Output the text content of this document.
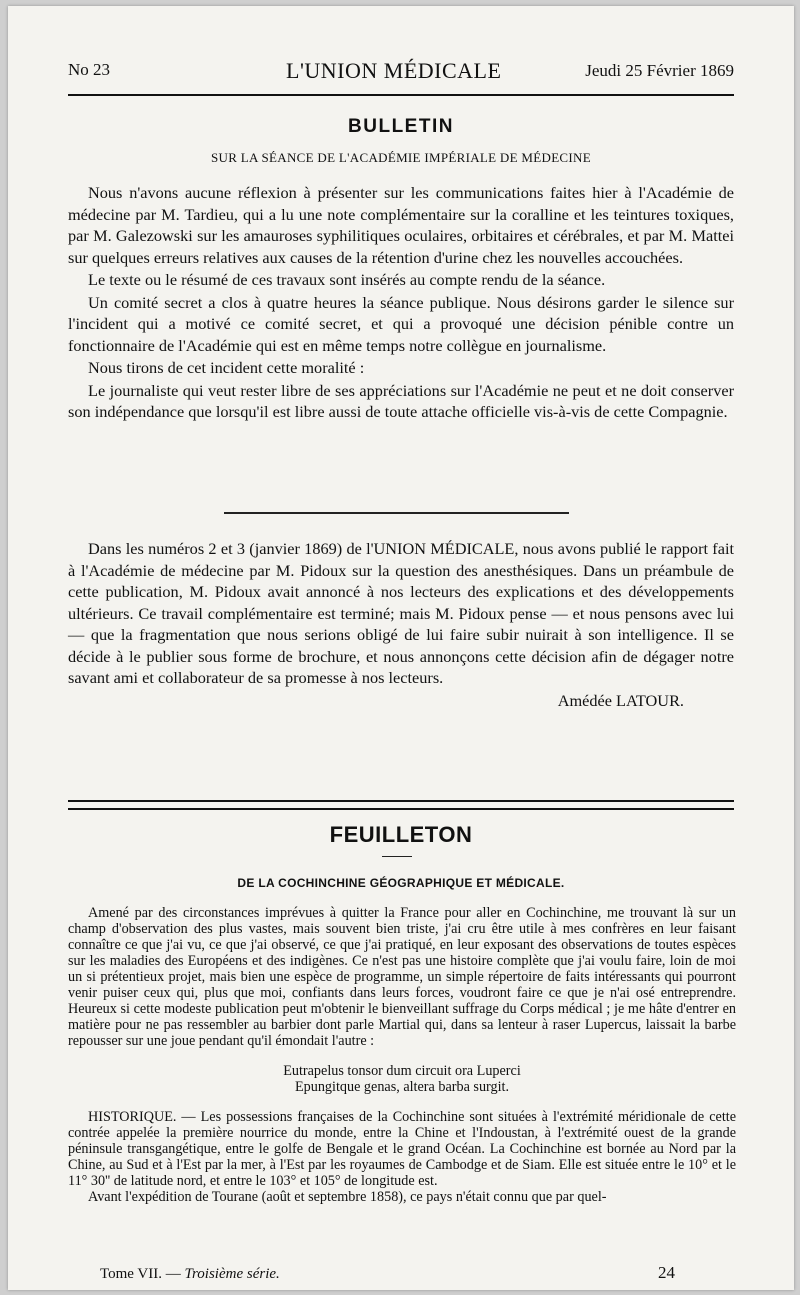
No 23	L'UNION MÉDICALE	Jeudi 25 Février 1869
BULLETIN
SUR LA SÉANCE DE L'ACADÉMIE IMPÉRIALE DE MÉDECINE

Nous n'avons aucune réflexion à présenter sur les communications faites hier à l'Académie de médecine par M. Tardieu, qui a lu une note complémentaire sur la coralline et les teintures toxiques, par M. Galezowski sur les amauroses syphilitiques oculaires, orbitaires et cérébrales, et par M. Mattei sur quelques erreurs relatives aux causes de la rétention d'urine chez les nouvelles accouchées.

Le texte ou le résumé de ces travaux sont insérés au compte rendu de la séance.

Un comité secret a clos à quatre heures la séance publique. Nous désirons garder le silence sur l'incident qui a motivé ce comité secret, et qui a provoqué une décision pénible contre un fonctionnaire de l'Académie qui est en même temps notre collègue en journalisme.

Nous tirons de cet incident cette moralité :

Le journaliste qui veut rester libre de ses appréciations sur l'Académie ne peut et ne doit conserver son indépendance que lorsqu'il est libre aussi de toute attache officielle vis-à-vis de cette Compagnie.

Dans les numéros 2 et 3 (janvier 1869) de l'UNION MÉDICALE, nous avons publié le rapport fait à l'Académie de médecine par M. Pidoux sur la question des anesthésiques. Dans un préambule de cette publication, M. Pidoux avait annoncé à nos lecteurs des explications et des développements ultérieurs. Ce travail complémentaire est terminé; mais M. Pidoux pense — et nous pensons avec lui — que la fragmentation que nous serions obligé de lui faire subir nuirait à son intelligence. Il se décide à le publier sous forme de brochure, et nous annonçons cette décision afin de dégager notre savant ami et collaborateur de sa promesse à nos lecteurs.

Amédée LATOUR.

FEUILLETON
DE LA COCHINCHINE GÉOGRAPHIQUE ET MÉDICALE.

Amené par des circonstances imprévues à quitter la France pour aller en Cochinchine, me trouvant là sur un champ d'observation des plus vastes, mais souvent bien triste, j'ai cru être utile à mes confrères en leur faisant connaître ce que j'ai vu, ce que j'ai observé, ce que j'ai pratiqué, en leur exposant des observations de toutes espèces sur les maladies des Européens et des indigènes. Ce n'est pas une histoire complète que j'ai voulu faire, loin de moi un si prétentieux projet, mais bien une espèce de programme, un simple répertoire de faits intéressants qui pourront venir puiser ceux qui, plus que moi, confiants dans leurs forces, voudront faire ce que je n'ai osé entreprendre. Heureux si cette modeste publication peut m'obtenir le bienveillant suffrage du Corps médical ; je me hâte d'entrer en matière pour ne pas ressembler au barbier dont parle Martial qui, dans sa lenteur à raser Lupercus, laissait la barbe repousser sur une joue pendant qu'il émondait l'autre :

Eutrapelus tonsor dum circuit ora Luperci

Epungitque genas, altera barba surgit.

HISTORIQUE. — Les possessions françaises de la Cochinchine sont situées à l'extrémité méridionale de cette contrée appelée la première nourrice du monde, entre la Chine et l'Indoustan, à l'extrémité ouest de la grande péninsule transgangétique, entre le golfe de Bengale et le grand Océan. La Cochinchine est bornée au Nord par la Chine, au Sud et à l'Est par la mer, à l'Est par les royaumes de Cambodge et de Siam. Elle est située entre le 10° et le 11° 30'' de latitude nord, et entre le 103° et 105° de longitude est.

Avant l'expédition de Tourane (août et septembre 1858), ce pays n'était connu que par quel-

Tome VII. — Troisième série.	24
